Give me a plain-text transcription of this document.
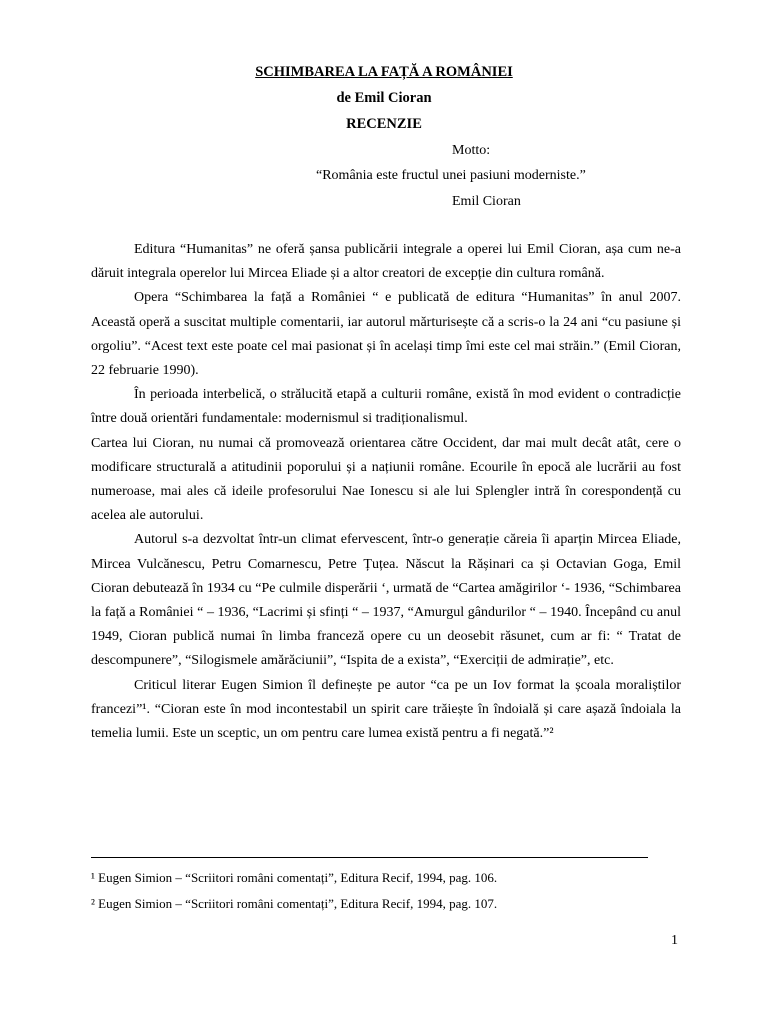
SCHIMBAREA LA FAȚĂ A ROMÂNIEI
de Emil Cioran
RECENZIE
Motto:
“România este fructul unei pasiuni moderniste.”
Emil Cioran

Editura “Humanitas” ne oferă șansa publicării integrale a operei lui Emil Cioran, așa cum ne-a dăruit integrala operelor lui Mircea Eliade și a altor creatori de excepție din cultura română.

Opera “Schimbarea la față a României “ e publicată de editura “Humanitas” în anul 2007. Această operă a suscitat multiple comentarii, iar autorul mărturisește că a scris-o la 24 ani “cu pasiune și orgoliu”. “Acest text este poate cel mai pasionat și în același timp îmi este cel mai străin.” (Emil Cioran, 22 februarie 1990).

În perioada interbelică, o strălucită etapă a culturii române, există în mod evident o contradicție între două orientări fundamentale: modernismul si tradiționalismul.

Cartea lui Cioran, nu numai că promovează orientarea către Occident, dar mai mult decât atât, cere o modificare structurală a atitudinii poporului și a națiunii române. Ecourile în epocă ale lucrării au fost numeroase, mai ales că ideile profesorului Nae Ionescu si ale lui Splengler intră în corespondență cu acelea ale autorului.

Autorul s-a dezvoltat într-un climat efervescent, într-o generație căreia îi aparțin Mircea Eliade, Mircea Vulcănescu, Petru Comarnescu, Petre Țuțea. Născut la Rășinari ca și Octavian Goga, Emil Cioran debutează în 1934 cu “Pe culmile disperării ‘, urmată de “Cartea amăgirilor ‘- 1936, “Schimbarea la față a României “ – 1936, “Lacrimi și sfinți “ – 1937, “Amurgul gândurilor “ – 1940. Începând cu anul 1949, Cioran publică numai în limba franceză opere cu un deosebit răsunet, cum ar fi: “ Tratat de descompunere”, “Silogismele amărăciunii”, “Ispita de a exista”, “Exerciții de admirație”, etc.

Criticul literar Eugen Simion îl definește pe autor “ca pe un Iov format la școala moraliștilor francezi”¹. “Cioran este în mod incontestabil un spirit care trăiește în îndoială și care așază îndoiala la temelia lumii. Este un sceptic, un om pentru care lumea există pentru a fi negată.”²

¹ Eugen Simion – “Scriitori români comentați”, Editura Recif, 1994, pag. 106.
² Eugen Simion – “Scriitori români comentați”, Editura Recif, 1994, pag. 107.
1
